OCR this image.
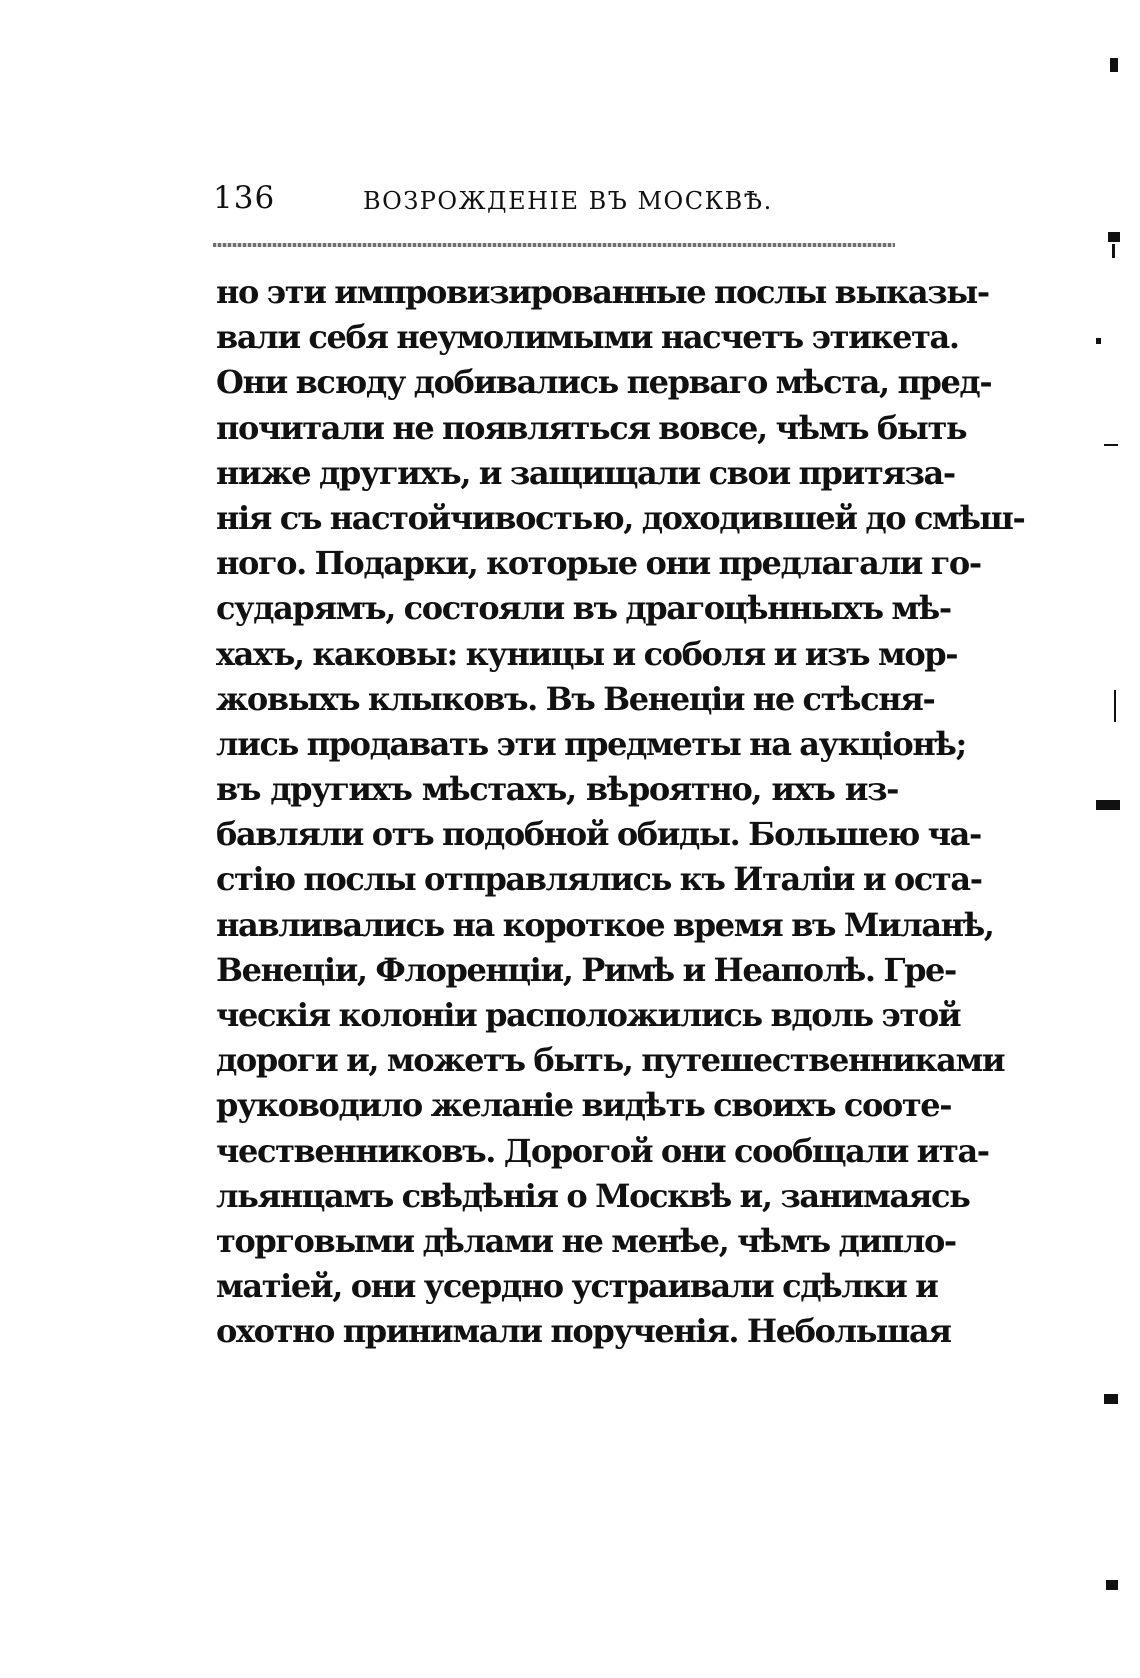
136	ВОЗРОЖДЕНІЕ ВЪ МОСКВѢ.
но эти импровизированные послы выказы-
вали себя неумолимыми насчетъ этикета.
Они всюду добивались перваго мѣста, пред-
почитали не появляться вовсе, чѣмъ быть
ниже другихъ, и защищали свои притяза-
нія съ настойчивостью, доходившей до смѣш-
ного. Подарки, которые они предлагали го-
сударямъ, состояли въ драгоцѣнныхъ мѣ-
хахъ, каковы: куницы и соболя и изъ мор-
жовыхъ клыковъ. Въ Венеціи не стѣсня-
лись продавать эти предметы на аукціонѣ;
въ другихъ мѣстахъ, вѣроятно, ихъ из-
бавляли отъ подобной обиды. Большею ча-
стію послы отправлялись къ Италіи и оста-
навливались на короткое время въ Миланѣ,
Венеціи, Флоренціи, Римѣ и Неаполѣ. Гре-
ческія колоніи расположились вдоль этой
дороги и, можетъ быть, путешественниками
руководило желаніе видѣть своихъ сооте-
чественниковъ. Дорогой они сообщали ита-
льянцамъ свѣдѣнія о Москвѣ и, занимаясь
торговыми дѣлами не менѣе, чѣмъ дипло-
матіей, они усердно устраивали сдѣлки и
охотно принимали порученія. Небольшая
